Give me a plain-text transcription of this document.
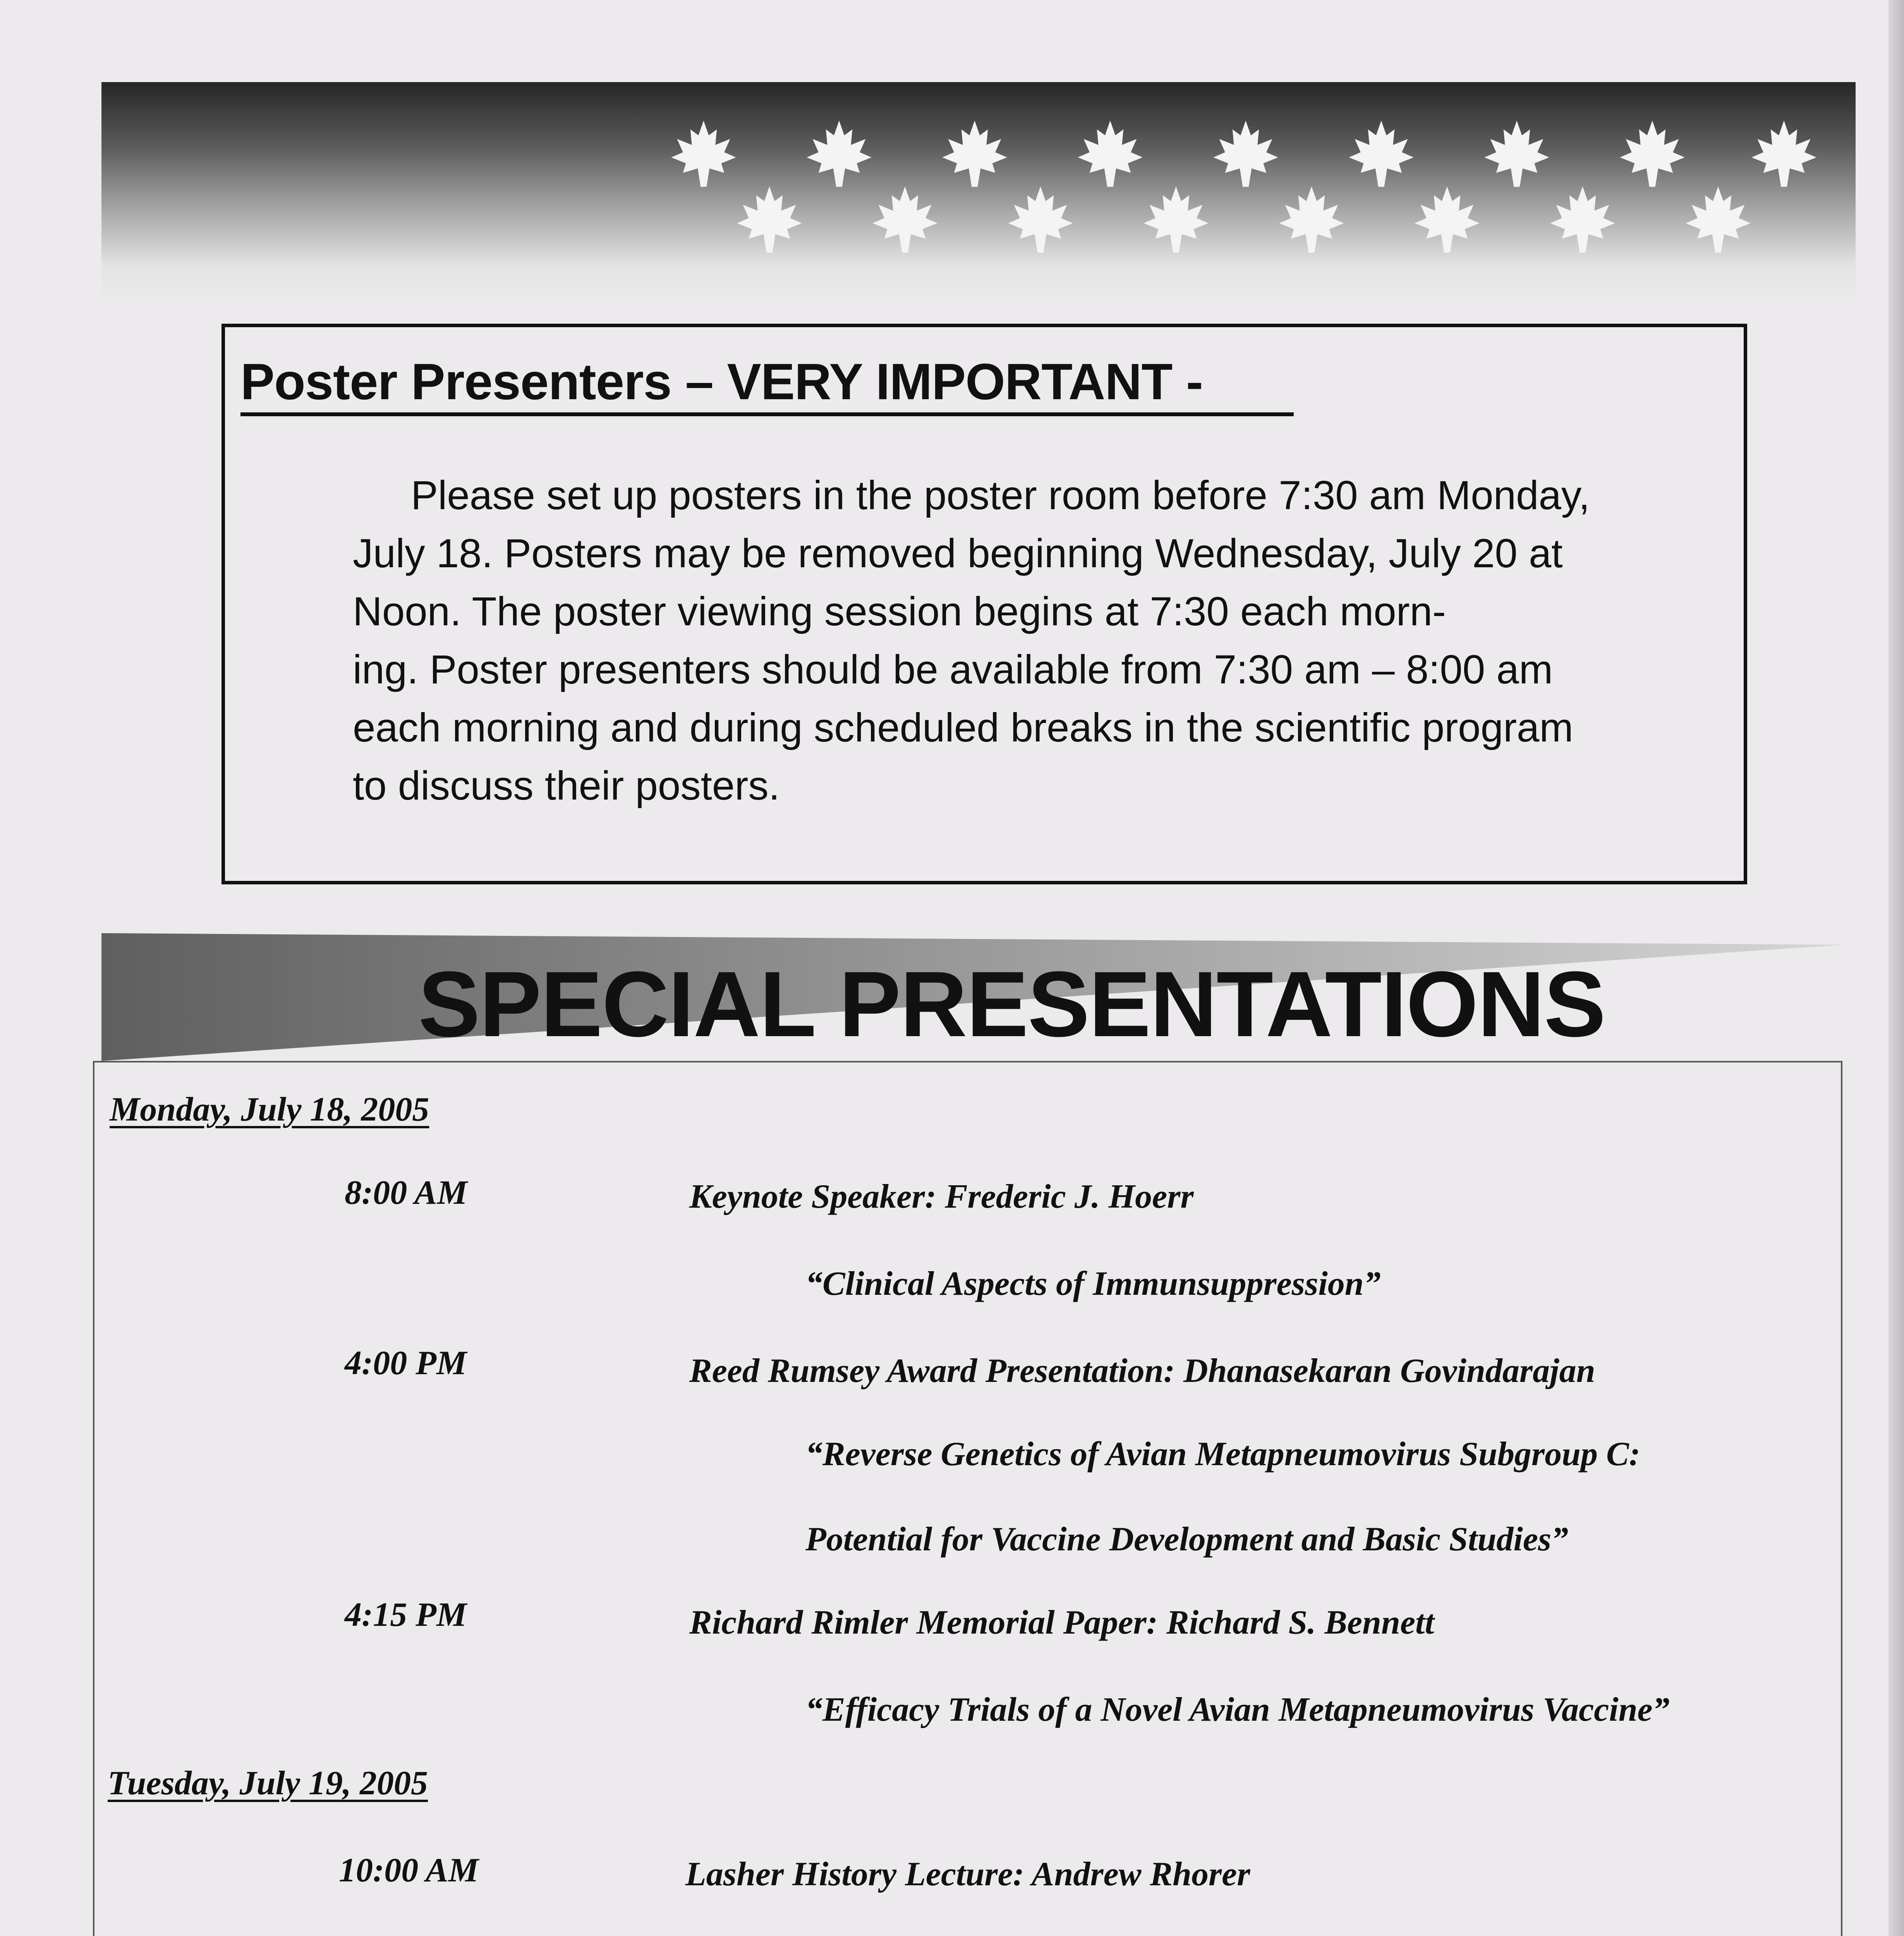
Poster Presenters – VERY IMPORTANT -

Please set up posters in the poster room before 7:30 am Monday,
July 18. Posters may be removed beginning Wednesday, July 20 at
Noon. The poster viewing session begins at 7:30 each morn-
ing. Poster presenters should be available from 7:30 am – 8:00 am
each morning and during scheduled breaks in the scientific program
to discuss their posters.

SPECIAL PRESENTATIONS

Monday, July 18, 2005

8:00 AM	Keynote Speaker: Frederic J. Hoerr

“Clinical Aspects of Immunsuppression”

4:00 PM	Reed Rumsey Award Presentation: Dhanasekaran Govindarajan

“Reverse Genetics of Avian Metapneumovirus Subgroup C:

Potential for Vaccine Development and Basic Studies”

4:15 PM	Richard Rimler Memorial Paper: Richard S. Bennett

“Efficacy Trials of a Novel Avian Metapneumovirus Vaccine”

Tuesday, July 19, 2005

10:00 AM	Lasher History Lecture: Andrew Rhorer
